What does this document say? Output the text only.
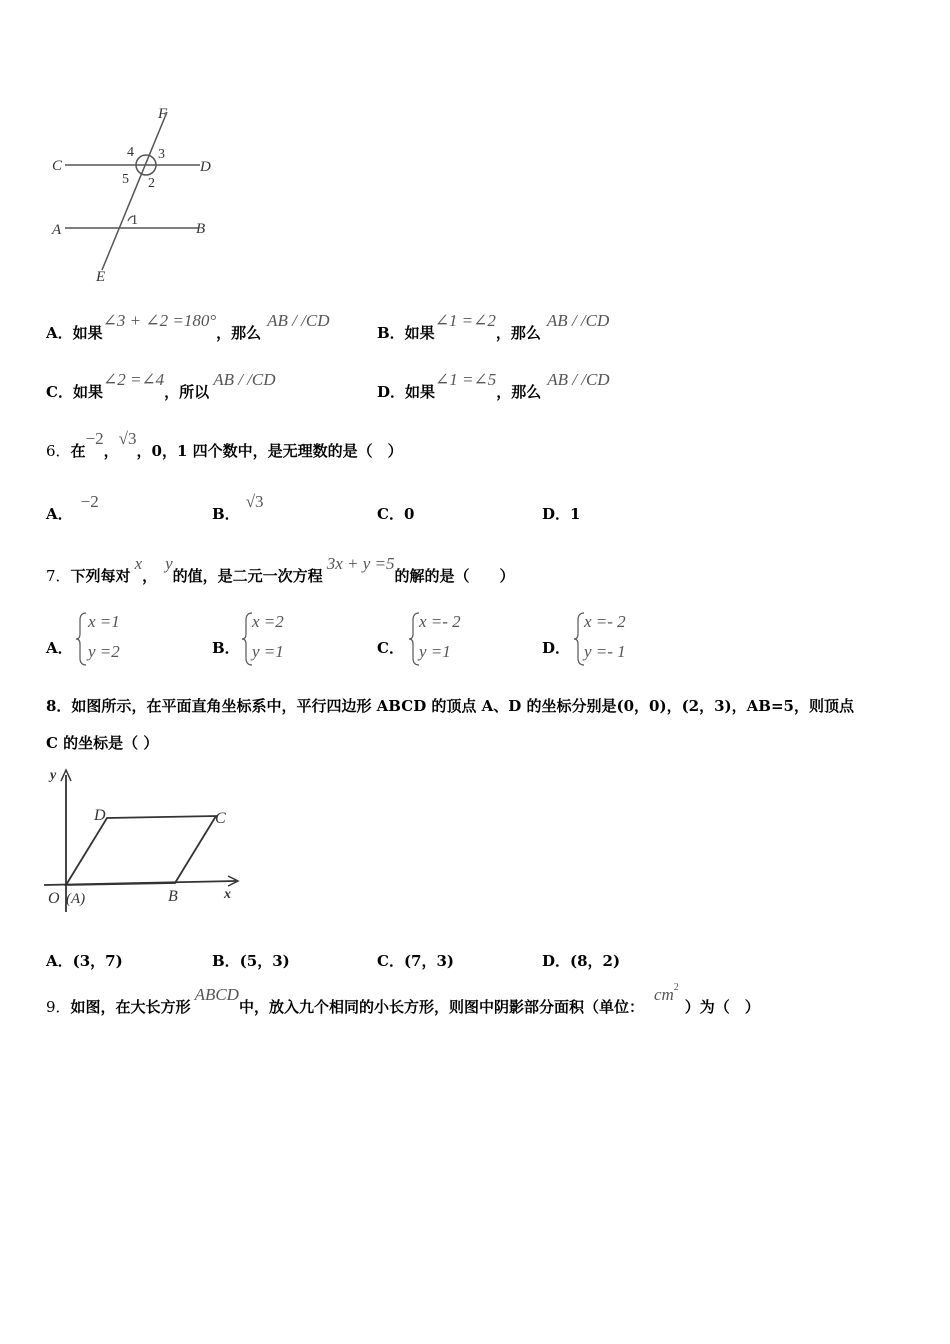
F
C	D
A	B
E
1
2
3
4
5
A．如果∠3 + ∠2 =180°，那么AB / /CD
B．如果∠1 =∠2，那么AB / /CD
C．如果∠2 =∠4，所以AB / /CD
D．如果∠1 =∠5，那么AB / /CD
6．在−2，√3，0，1 四个数中，是无理数的是（　）
A．−2
B．√3
C．0	D．1
7．下列每对x，y的值，是二元一次方程3x + y =5的解的是（　　）
A．
x =1
y =2	B．
x =2
y =1	C．
x =- 2
y =1	D．
x =- 2
y =- 1
8．如图所示，在平面直角坐标系中，平行四边形 ABCD 的顶点 A、D 的坐标分别是(0，0)，(2，3)，AB=5，则顶点
C 的坐标是（ ）
y
x
D	C
B
O (A)
A．(3，7)	B．(5，3)	C．(7，3)	D．(8，2)
9．如图，在大长方形ABCD中，放入九个相同的小长方形，则图中阴影部分面积（单位：$cm^2$）为（　）
